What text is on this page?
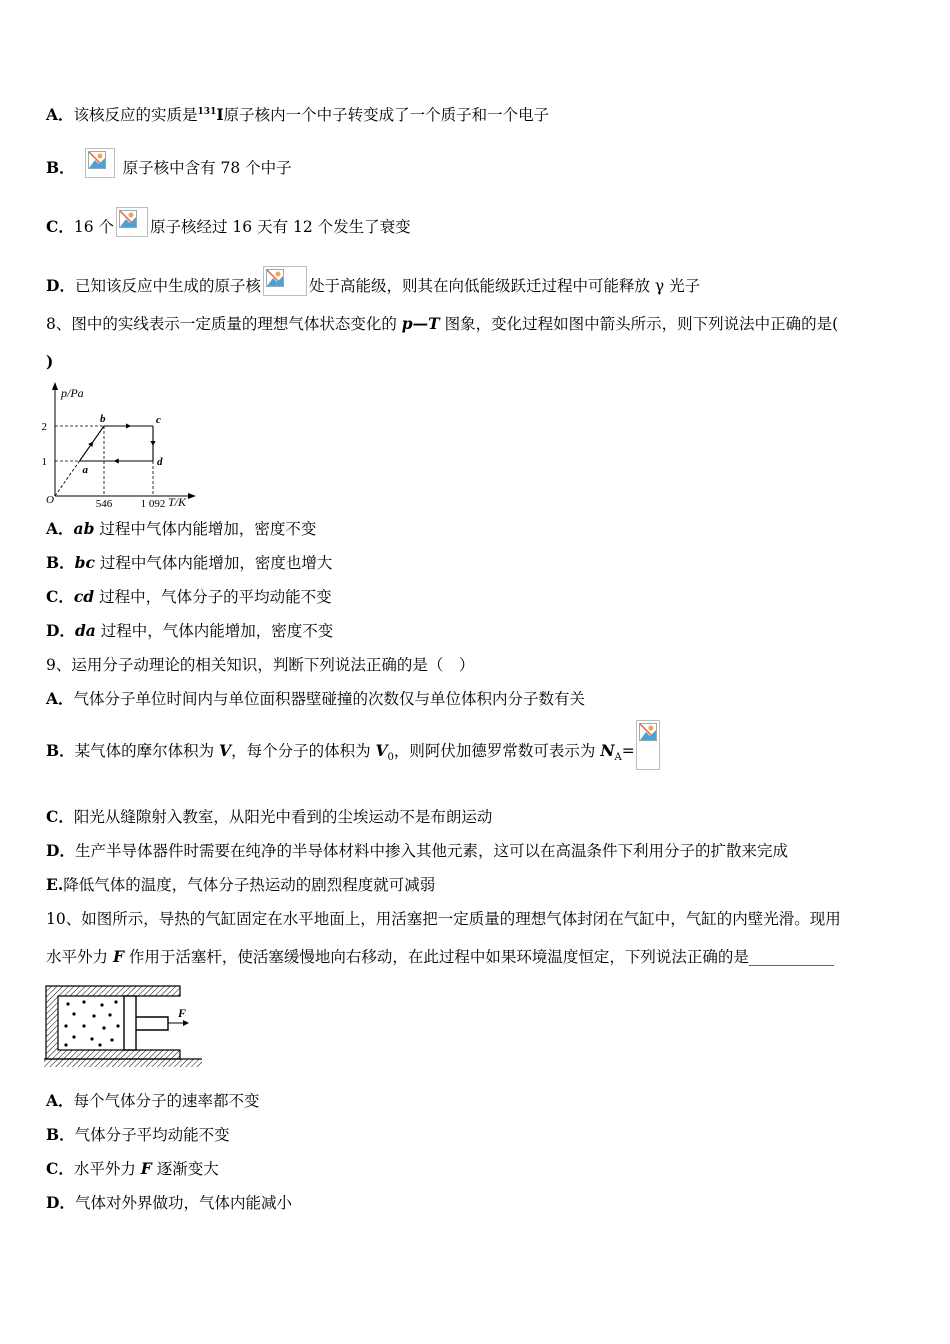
A．该核反应的实质是$^{131}$I原子核内一个中子转变成了一个质子和一个电子
B．	原子核中含有 78 个中子
C．16 个 原子核经过 16 天有 12 个发生了衰变
D．已知该反应中生成的原子核	处于高能级，则其在向低能级跃迁过程中可能释放 γ 光子
8、图中的实线表示一定质量的理想气体状态变化的 p—T 图象，变化过程如图中箭头所示，则下列说法中正确的是(
)
p/Pa
T/K
O
a
b	c
d
1
2
546	1 092
A．ab 过程中气体内能增加，密度不变
B．bc 过程中气体内能增加，密度也增大
C．cd 过程中，气体分子的平均动能不变
D．da 过程中，气体内能增加，密度不变
9、运用分子动理论的相关知识，判断下列说法正确的是（　）
A．气体分子单位时间内与单位面积器壁碰撞的次数仅与单位体积内分子数有关
B．某气体的摩尔体积为 V，每个分子的体积为 $V_0$，则阿伏加德罗常数可表示为 $N_A=$
C．阳光从缝隙射入教室，从阳光中看到的尘埃运动不是布朗运动
D．生产半导体器件时需要在纯净的半导体材料中掺入其他元素，这可以在高温条件下利用分子的扩散来完成
E.降低气体的温度，气体分子热运动的剧烈程度就可减弱
10、如图所示，导热的气缸固定在水平地面上，用活塞把一定质量的理想气体封闭在气缸中，气缸的内壁光滑。现用
水平外力 F 作用于活塞杆，使活塞缓慢地向右移动，在此过程中如果环境温度恒定，下列说法正确的是___________
F
A．每个气体分子的速率都不变
B．气体分子平均动能不变
C．水平外力 F 逐渐变大
D．气体对外界做功，气体内能减小
